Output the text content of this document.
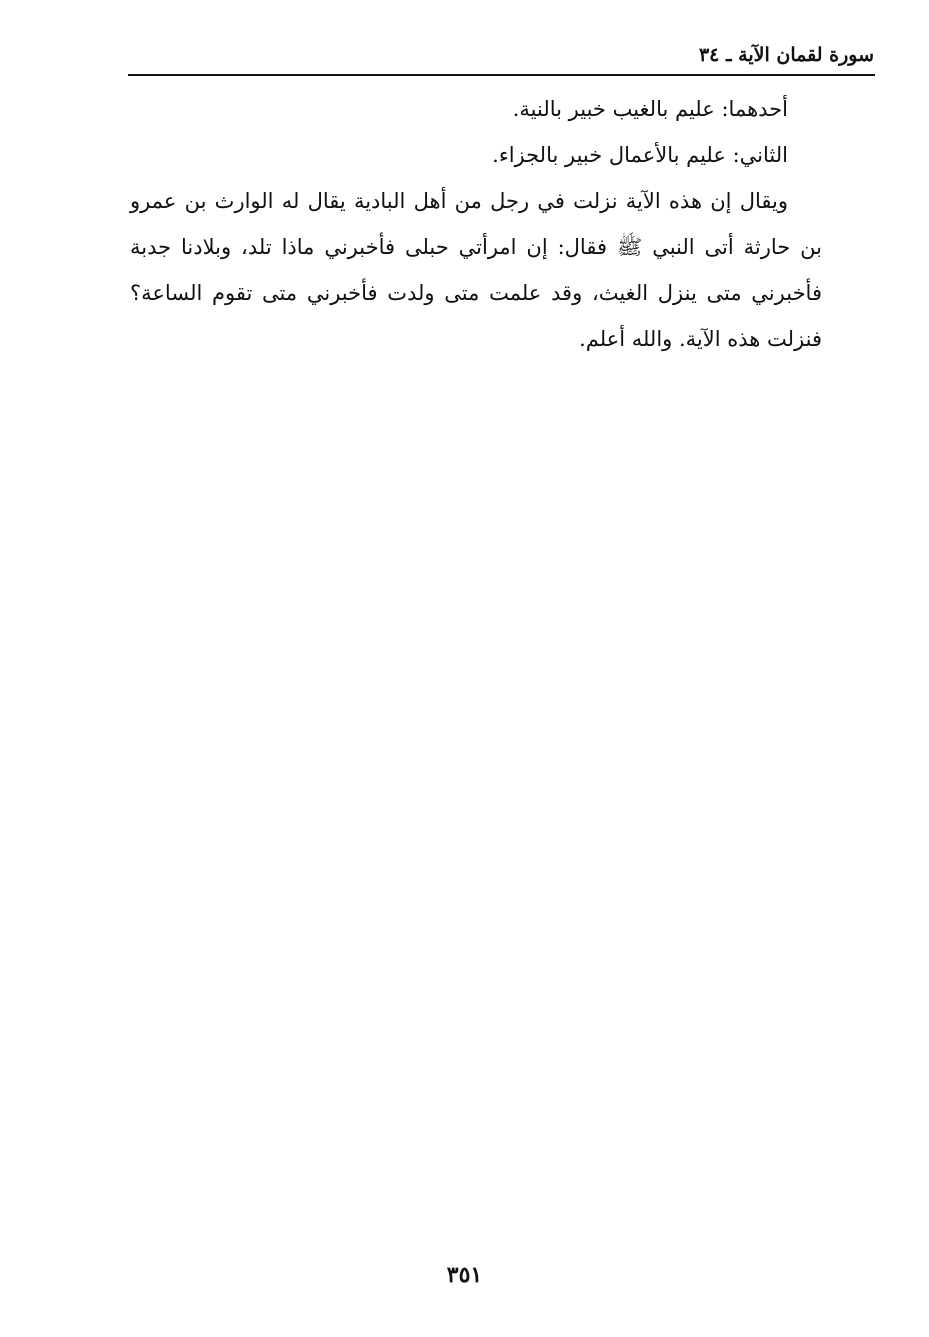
سورة لقمان الآية ـ ٣٤

أحدهما: عليم بالغيب خبير بالنية.

الثاني: عليم بالأعمال خبير بالجزاء.

ويقال إن هذه الآية نزلت في رجل من أهل البادية يقال له الوارث بن عمرو بن حارثة أتى النبي ﷺ فقال: إن امرأتي حبلى فأخبرني ماذا تلد، وبلادنا جدبة فأخبرني متى ينزل الغيث، وقد علمت متى ولدت فأخبرني متى تقوم الساعة؟ فنزلت هذه الآية. والله أعلم.

٣٥١
